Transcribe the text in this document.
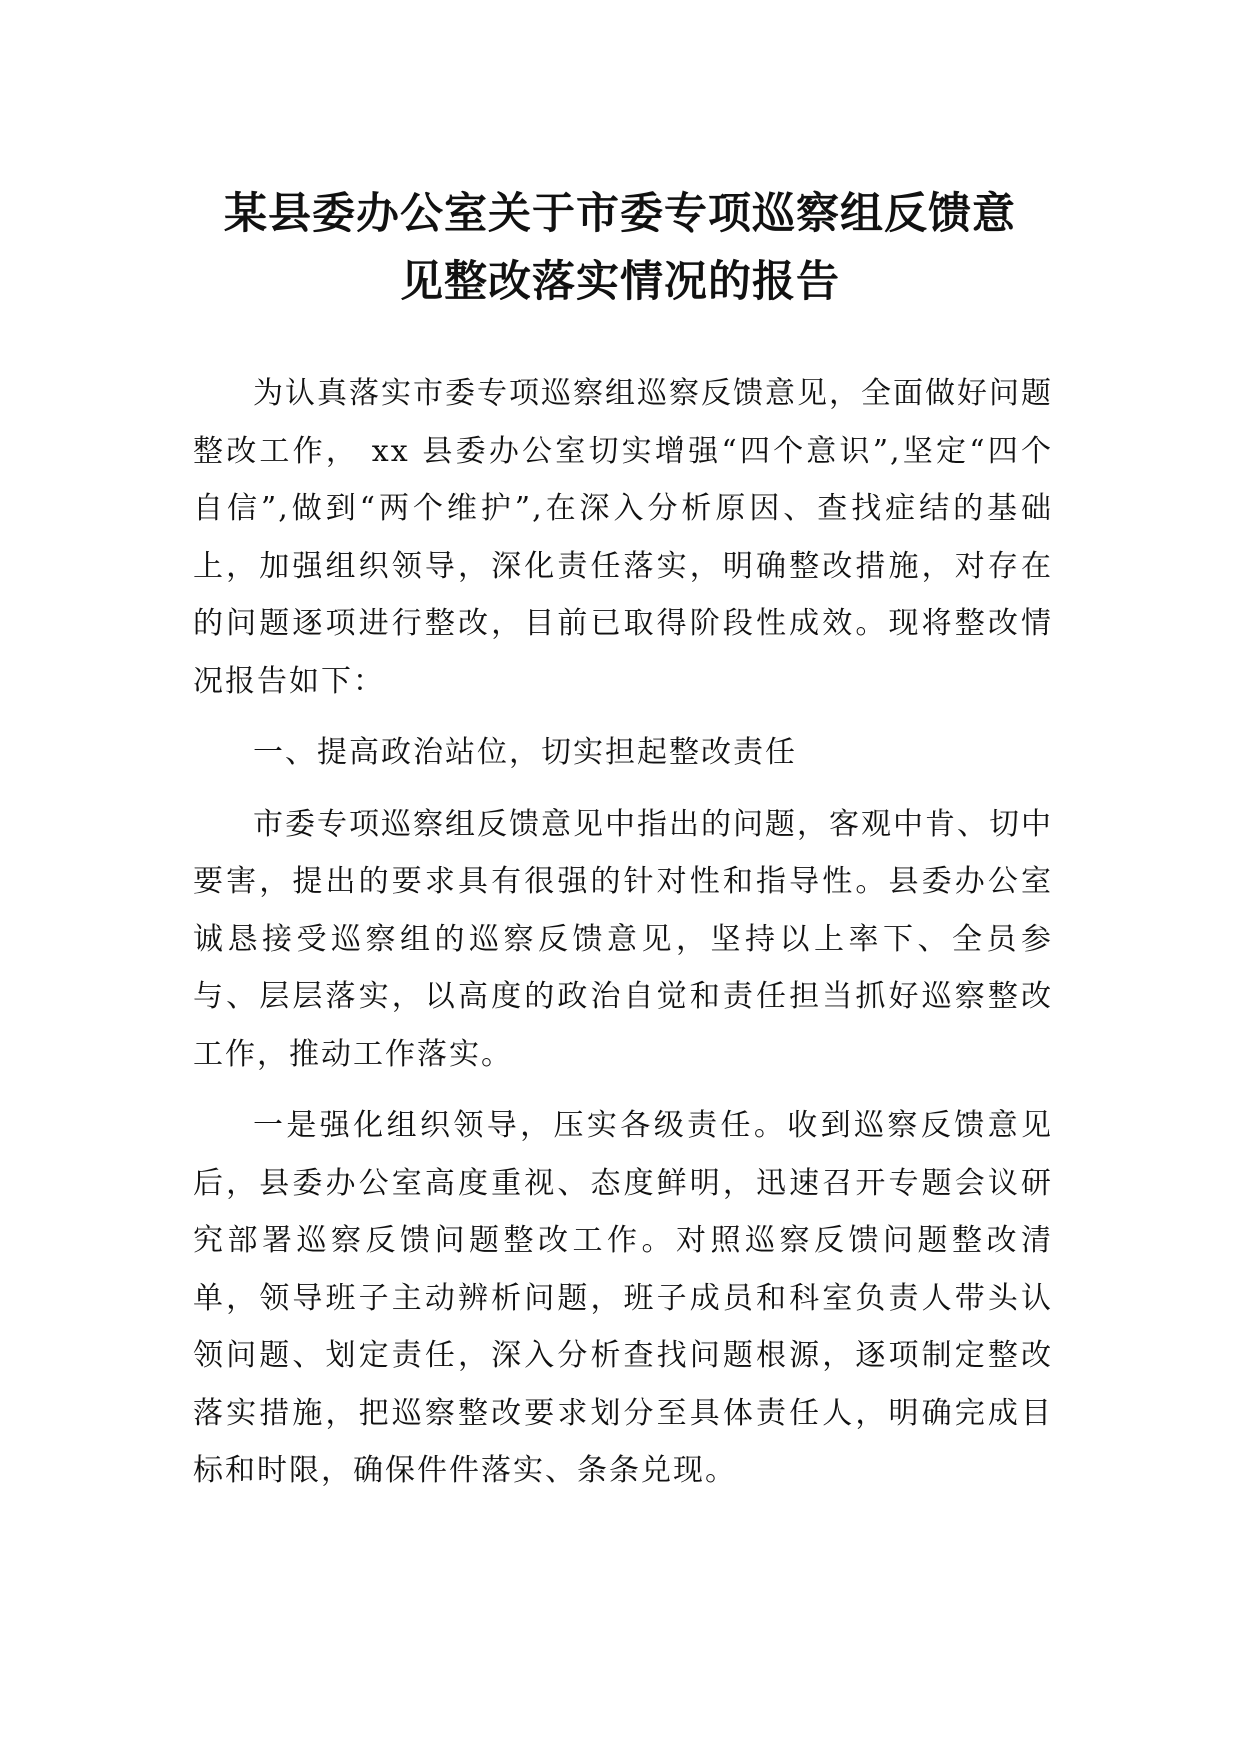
某县委办公室关于市委专项巡察组反馈意
见整改落实情况的报告

为认真落实市委专项巡察组巡察反馈意见，全面做好问题整改工作， xx 县委办公室切实增强“四个意识”,坚定“四个自信”,做到“两个维护”,在深入分析原因、查找症结的基础上，加强组织领导，深化责任落实，明确整改措施，对存在的问题逐项进行整改，目前已取得阶段性成效。现将整改情况报告如下：

一、提高政治站位，切实担起整改责任

市委专项巡察组反馈意见中指出的问题，客观中肯、切中要害，提出的要求具有很强的针对性和指导性。县委办公室诚恳接受巡察组的巡察反馈意见，坚持以上率下、全员参与、层层落实，以高度的政治自觉和责任担当抓好巡察整改工作，推动工作落实。

一是强化组织领导，压实各级责任。收到巡察反馈意见后，县委办公室高度重视、态度鲜明，迅速召开专题会议研究部署巡察反馈问题整改工作。对照巡察反馈问题整改清单，领导班子主动辨析问题，班子成员和科室负责人带头认领问题、划定责任，深入分析查找问题根源，逐项制定整改落实措施，把巡察整改要求划分至具体责任人，明确完成目标和时限，确保件件落实、条条兑现。
